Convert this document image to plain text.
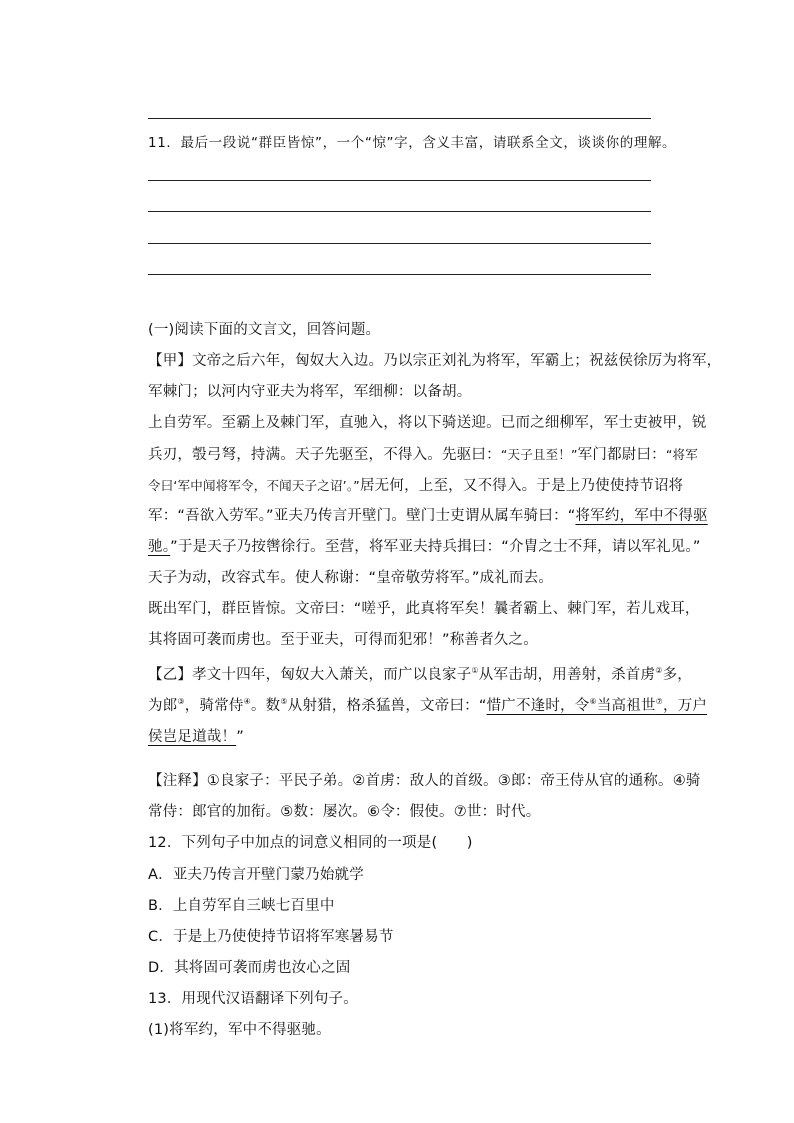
11．最后一段说“群臣皆惊”，一个“惊”字，含义丰富，请联系全文，谈谈你的理解。
(一)阅读下面的文言文，回答问题。
【甲】文帝之后六年，匈奴大入边。乃以宗正刘礼为将军，军霸上；祝兹侯徐厉为将军，
军棘门；以河内守亚夫为将军，军细柳：以备胡。
上自劳军。至霸上及棘门军，直驰入，将以下骑送迎。已而之细柳军，军士吏被甲，锐
兵刃，彀弓弩，持满。天子先驱至，不得入。先驱曰：“天子且至！”军门都尉曰：“将军
令曰‘军中闻将军令，不闻天子之诏’。”居无何，上至，又不得入。于是上乃使使持节诏将
军：“吾欲入劳军。”亚夫乃传言开壁门。壁门士吏谓从属车骑曰：“将军约，军中不得驱
驰。”于是天子乃按辔徐行。至营，将军亚夫持兵揖曰：“介胄之士不拜，请以军礼见。”
天子为动，改容式车。使人称谢：“皇帝敬劳将军。”成礼而去。
既出军门，群臣皆惊。文帝曰：“嗟乎，此真将军矣！曩者霸上、棘门军，若儿戏耳，
其将固可袭而虏也。至于亚夫，可得而犯邪！”称善者久之。
【乙】孝文十四年，匈奴大入萧关，而广以良家子①从军击胡，用善射，杀首虏②多，
为郎③，骑常侍④。数⑤从射猎，格杀猛兽，文帝曰：“惜广不逢时，令⑥当高祖世⑦，万户
侯岂足道哉！”
【注释】①良家子：平民子弟。②首虏：敌人的首级。③郎：帝王侍从官的通称。④骑
常侍：郎官的加衔。⑤数：屡次。⑥令：假使。⑦世：时代。
12．下列句子中加点的词意义相同的一项是(　　)
A．亚夫乃传言开壁门蒙乃始就学
B．上自劳军自三峡七百里中
C．于是上乃使使持节诏将军寒暑易节
D．其将固可袭而虏也汝心之固
13．用现代汉语翻译下列句子。
(1)将军约，军中不得驱驰。
